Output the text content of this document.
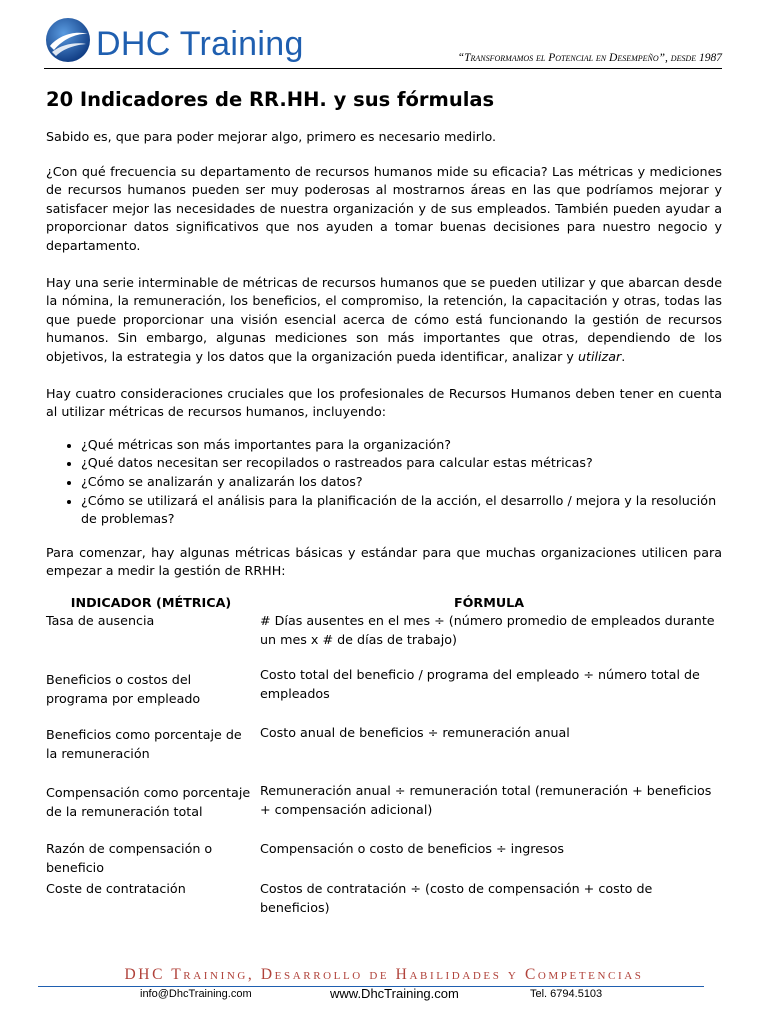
DHC Training	“Transformamos el Potencial en Desempeño”, desde 1987
20 Indicadores de RR.HH. y sus fórmulas

Sabido es, que para poder mejorar algo, primero es necesario medirlo.

¿Con qué frecuencia su departamento de recursos humanos mide su eficacia? Las métricas y mediciones de recursos humanos pueden ser muy poderosas al mostrarnos áreas en las que podríamos mejorar y satisfacer mejor las necesidades de nuestra organización y de sus empleados. También pueden ayudar a proporcionar datos significativos que nos ayuden a tomar buenas decisiones para nuestro negocio y departamento.

Hay una serie interminable de métricas de recursos humanos que se pueden utilizar y que abarcan desde la nómina, la remuneración, los beneficios, el compromiso, la retención, la capacitación y otras, todas las que puede proporcionar una visión esencial acerca de cómo está funcionando la gestión de recursos humanos. Sin embargo, algunas mediciones son más importantes que otras, dependiendo de los objetivos, la estrategia y los datos que la organización pueda identificar, analizar y utilizar.

Hay cuatro consideraciones cruciales que los profesionales de Recursos Humanos deben tener en cuenta al utilizar métricas de recursos humanos, incluyendo:

• ¿Qué métricas son más importantes para la organización?
• ¿Qué datos necesitan ser recopilados o rastreados para calcular estas métricas?
• ¿Cómo se analizarán y analizarán los datos?
• ¿Cómo se utilizará el análisis para la planificación de la acción, el desarrollo / mejora y la resolución de problemas?

Para comenzar, hay algunas métricas básicas y estándar para que muchas organizaciones utilicen para empezar a medir la gestión de RRHH:

INDICADOR (MÉTRICA)	FÓRMULA
Tasa de ausencia	# Días ausentes en el mes ÷ (número promedio de empleados durante un mes x # de días de trabajo)
Beneficios o costos del programa por empleado	Costo total del beneficio / programa del empleado ÷ número total de empleados
Beneficios como porcentaje de la remuneración	Costo anual de beneficios ÷ remuneración anual
Compensación como porcentaje de la remuneración total	Remuneración anual ÷ remuneración total (remuneración + beneficios + compensación adicional)
Razón de compensación o beneficio	Compensación o costo de beneficios ÷ ingresos
Coste de contratación	Costos de contratación ÷ (costo de compensación + costo de beneficios)
DHC Training, Desarrollo de Habilidades y Competencias
info@DhcTraining.com	www.DhcTraining.com	Tel. 6794.5103
